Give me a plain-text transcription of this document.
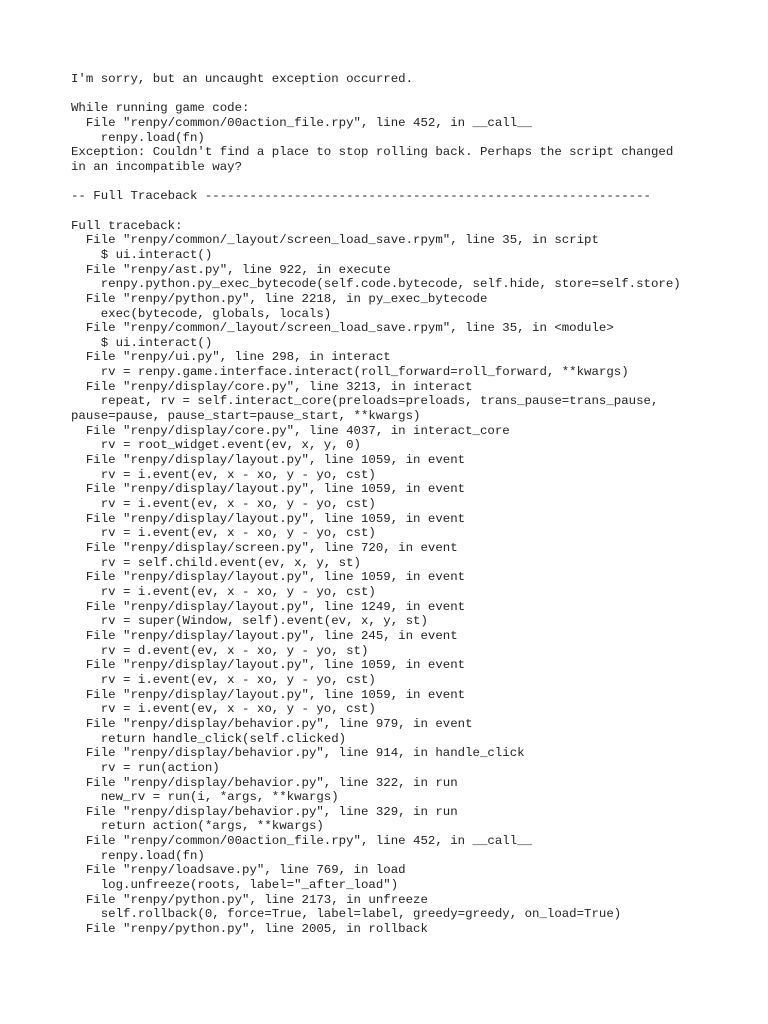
I'm sorry, but an uncaught exception occurred.
While running game code:
File "renpy/common/00action_file.rpy", line 452, in __call__
renpy.load(fn)
Exception: Couldn't find a place to stop rolling back. Perhaps the script changed
in an incompatible way?
-- Full Traceback ------------------------------------------------------------
Full traceback:
File "renpy/common/_layout/screen_load_save.rpym", line 35, in script
$ ui.interact()
File "renpy/ast.py", line 922, in execute
renpy.python.py_exec_bytecode(self.code.bytecode, self.hide, store=self.store)
File "renpy/python.py", line 2218, in py_exec_bytecode
exec(bytecode, globals, locals)
File "renpy/common/_layout/screen_load_save.rpym", line 35, in <module>
$ ui.interact()
File "renpy/ui.py", line 298, in interact
rv = renpy.game.interface.interact(roll_forward=roll_forward, **kwargs)
File "renpy/display/core.py", line 3213, in interact
repeat, rv = self.interact_core(preloads=preloads, trans_pause=trans_pause,
pause=pause, pause_start=pause_start, **kwargs)
File "renpy/display/core.py", line 4037, in interact_core
rv = root_widget.event(ev, x, y, 0)
File "renpy/display/layout.py", line 1059, in event
rv = i.event(ev, x - xo, y - yo, cst)
File "renpy/display/layout.py", line 1059, in event
rv = i.event(ev, x - xo, y - yo, cst)
File "renpy/display/layout.py", line 1059, in event
rv = i.event(ev, x - xo, y - yo, cst)
File "renpy/display/screen.py", line 720, in event
rv = self.child.event(ev, x, y, st)
File "renpy/display/layout.py", line 1059, in event
rv = i.event(ev, x - xo, y - yo, cst)
File "renpy/display/layout.py", line 1249, in event
rv = super(Window, self).event(ev, x, y, st)
File "renpy/display/layout.py", line 245, in event
rv = d.event(ev, x - xo, y - yo, st)
File "renpy/display/layout.py", line 1059, in event
rv = i.event(ev, x - xo, y - yo, cst)
File "renpy/display/layout.py", line 1059, in event
rv = i.event(ev, x - xo, y - yo, cst)
File "renpy/display/behavior.py", line 979, in event
return handle_click(self.clicked)
File "renpy/display/behavior.py", line 914, in handle_click
rv = run(action)
File "renpy/display/behavior.py", line 322, in run
new_rv = run(i, *args, **kwargs)
File "renpy/display/behavior.py", line 329, in run
return action(*args, **kwargs)
File "renpy/common/00action_file.rpy", line 452, in __call__
renpy.load(fn)
File "renpy/loadsave.py", line 769, in load
log.unfreeze(roots, label="_after_load")
File "renpy/python.py", line 2173, in unfreeze
self.rollback(0, force=True, label=label, greedy=greedy, on_load=True)
File "renpy/python.py", line 2005, in rollback
